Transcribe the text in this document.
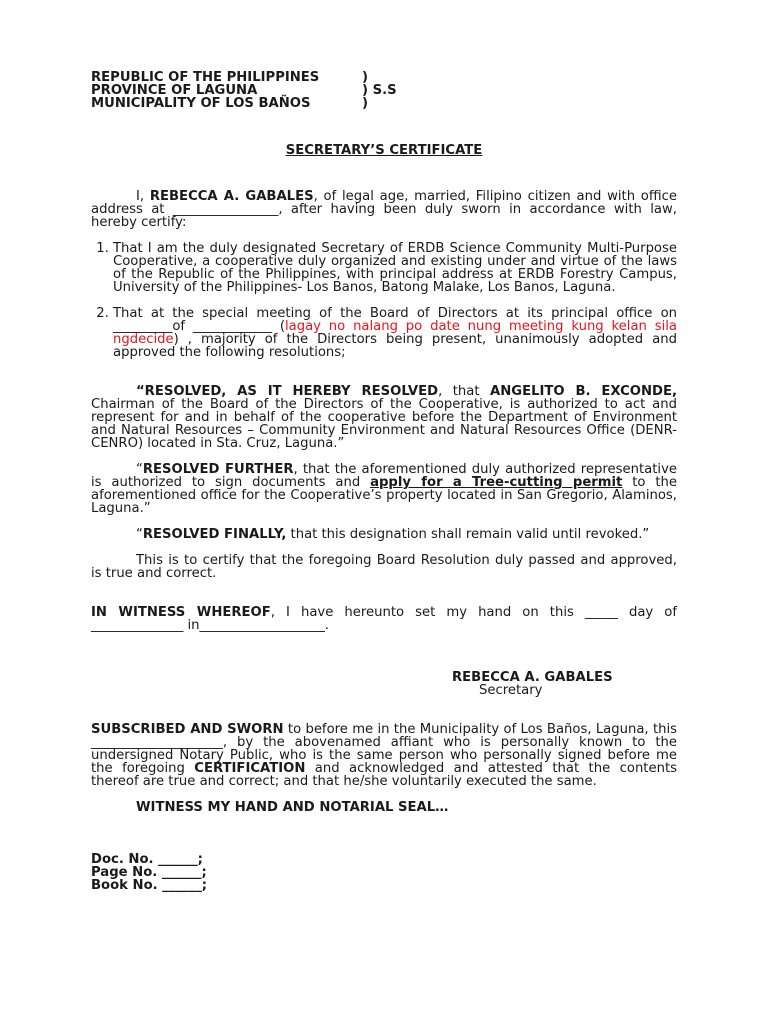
REPUBLIC OF THE PHILIPPINES	)
PROVINCE OF LAGUNA	) S.S
MUNICIPALITY OF LOS BAÑOS	)
SECRETARY’S CERTIFICATE

I, REBECCA A. GABALES, of legal age, married, Filipino citizen and with office address at ________________, after having been duly sworn in accordance with law, hereby certify:

1. That I am the duly designated Secretary of ERDB Science Community Multi-Purpose Cooperative, a cooperative duly organized and existing under and virtue of the laws of the Republic of the Philippines, with principal address at ERDB Forestry Campus, University of the Philippines- Los Banos, Batong Malake, Los Banos, Laguna.
2. That at the special meeting of the Board of Directors at its principal office on _________of ____________ (lagay no nalang po date nung meeting kung kelan sila ngdecide) , majority of the Directors being present, unanimously adopted and approved the following resolutions;

“RESOLVED, AS IT HEREBY RESOLVED, that ANGELITO B. EXCONDE, Chairman of the Board of the Directors of the Cooperative, is authorized to act and represent for and in behalf of the cooperative before the Department of Environment and Natural Resources – Community Environment and Natural Resources Office (DENR-CENRO) located in Sta. Cruz, Laguna.”

“RESOLVED FURTHER, that the aforementioned duly authorized representative is authorized to sign documents and apply for a Tree-cutting permit to the aforementioned office for the Cooperative’s property located in San Gregorio, Alaminos, Laguna.”

“RESOLVED FINALLY, that this designation shall remain valid until revoked.”

This is to certify that the foregoing Board Resolution duly passed and approved, is true and correct.

IN WITNESS WHEREOF, I have hereunto set my hand on this _____ day of ______________ in___________________.

REBECCA A. GABALES
Secretary

SUBSCRIBED AND SWORN to before me in the Municipality of Los Baños, Laguna, this ____________________, by the abovenamed affiant who is personally known to the undersigned Notary Public, who is the same person who personally signed before me the foregoing CERTIFICATION and acknowledged and attested that the contents thereof are true and correct; and that he/she voluntarily executed the same.

WITNESS MY HAND AND NOTARIAL SEAL…
Doc. No. ______;
Page No. ______;
Book No. ______;
